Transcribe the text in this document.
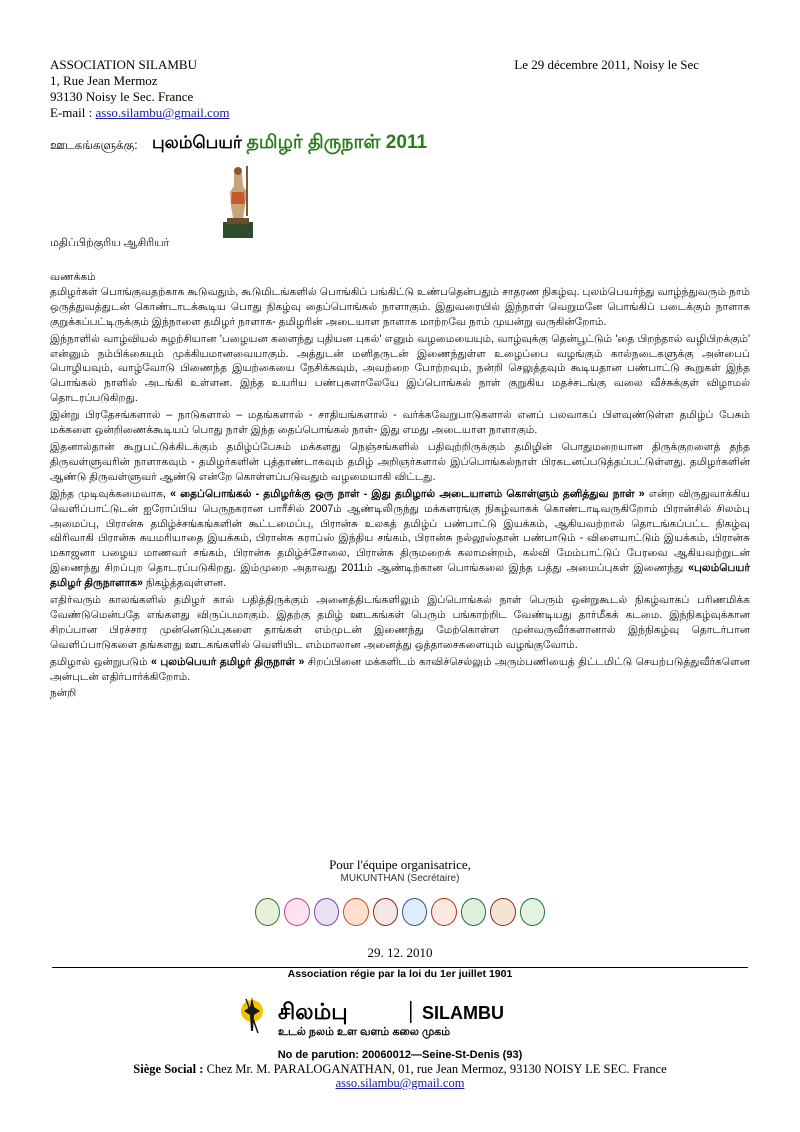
ASSOCIATION SILAMBU
1, Rue Jean Mermoz
93130 Noisy le Sec. France
E-mail : asso.silambu@gmail.com
Le 29 décembre 2011, Noisy le Sec
ஊடகங்களுக்கு: புலம்பெயர் தமிழர் திருநாள் 2011
மதிப்பிற்குரிய ஆசிரியர்

வணக்கம்

தமிழர்கள் பொங்குவதற்காக கூடுவதும், கூடுமிடங்களில் பொங்கிப் பங்கிட்டு உண்பதென்பதும் சாதரண நிகழ்வு. புலம்பெயர்ந்து வாழ்ந்துவரும் நாம் ஒருத்துவத்துடன் கொண்டாடக்கூடிய பொது நிகழ்வு தைப்பொங்கல் நாளாகும். இதுவரையில் இந்நாள் வெறுமனே பொங்கிப் படைக்கும் நாளாக குறுக்கப்பட்டிருக்கும் இந்நாளை தமிழர் நாளாக- தமிழரின் அடையாள நாளாக மாற்றவே நாம் முயன்று வருகின்றோம்.

இந்நாளில் வாழ்வியல் சுழற்சியான 'பழையன களைந்து புதியன புகல்' எனும் வழமையையும், வாழ்வுக்கு தென்பூட்டும் 'தை பிறந்தால் வழிபிறக்கும்' என்னும் நம்பிக்கையும் முக்கியமானவையாகும். அத்துடன் மனிதருடன் இணைந்துள்ள உழைப்பை வழங்கும் கால்நடைகளுக்கு அன்பைப் பொழியவும், வாழ்வோடு பிணைந்த இயற்கையை நேசிக்கவும், அவற்றை போற்றவும், நன்றி செலுத்தவும் கூடியதான பண்பாட்டு கூறுகள் இந்த பொங்கல் நாளில் அடங்கி உள்ளன. இந்த உயரிய பண்புகளாலேயே இப்பொங்கல் நாள் குறுகிய மதச்சடங்கு வலை வீச்சுக்குள் விழாமல் தொடரப்படுகிறது.

இன்று பிரதேசங்களால் – நாடுகளால் – மதங்களால் - சாதியங்களால் - வர்க்கவேறுபாடுகளால் எனப் பலவாகப் பிளவுண்டுள்ள தமிழ்ப் பேசும் மக்களை ஒன்றிணைக்கூடியப் பொது நாள் இந்த தைப்பொங்கல் நாள்- இது எமது அடையாள நாளாகும்.

இதனால்தான் கூறுபட்டுக்கிடக்கும் தமிழ்ப்பேசும் மக்களது நெஞ்சங்களில் பதிவுற்றிருக்கும் தமிழின் பொதுமறையான திருக்குறளைத் தந்த திருவள்ளுவரின் நாளாகவும் - தமிழர்களின் புத்தாண்டாகவும் தமிழ் அறிஞர்களால் இப்பொங்கல்நாள் பிரகடனப்படுத்தப்பட்டுள்ளது. தமிழர்களின் ஆண்டு திருவள்ளுவர் ஆண்டு என்றே கொள்ளப்படுவதும் வழமையாகி விட்டது.

இந்த முடிவுக்கமைவாக, « தைப்பொங்கல் - தமிழர்க்கு ஒரு நாள் - இது தமிழால் அடையாளம் கொள்ளும் தனித்துவ நாள் » என்ற விருதுவாக்கிய வெளிப்பாட்டுடன் ஐரோப்பிய பெருநகரான பாரீசில் 2007ம் ஆண்டிலிருந்து மக்களரங்கு நிகழ்வாகக் கொண்டாடிவருகிறோம் பிரான்சில் சிலம்பு அமைப்பு, பிரான்சு தமிழ்ச்சங்கங்களின் கூட்டமைப்பு, பிரான்சு உலகத் தமிழ்ப் பண்பாட்டு இயக்கம், ஆகியவற்றால் தொடங்கப்பட்ட நிகழ்வு விரிவாகி பிரான்சு சுயமரியாதை இயக்கம், பிரான்சு கராப்ஸ் இந்திய சங்கம், பிரான்சு நல்லூஸ்தான் பண்பாடும் - விளையாட்டும் இயக்கம், பிரான்சு மகாஜனா பழைய மாணவர் சங்கம், பிரான்சு தமிழ்ச்சோலை, பிரான்சு திருமறைக் கலாமன்றம், கல்வி மேம்பாட்டுப் பேரவை ஆகியவற்றுடன் இணைந்து சிறப்புற தொடரப்படுகிறது. இம்முறை அதாவது 2011ம் ஆண்டிற்கான பொங்கலை இந்த பத்து அமைப்புகள் இணைந்து «புலம்பெயர் தமிழர் திருநாளாக» நிகழ்த்தவுள்ளன.

எதிர்வரும் காலங்களில் தமிழர் கால் பதித்திருக்கும் அனைத்திடங்களிலும் இப்பொங்கல் நாள் பெரும் ஒன்றுகூடல் நிகழ்வாகப் பரிணமிக்க வேண்டுமென்பதே எங்களது விருப்பமாகும். இதற்கு தமிழ் ஊடகங்கள் பெரும் பங்காற்றிட வேண்டியது தார்மீகக் கடமை. இந்நிகழ்வுக்கான சிறப்பான பிரச்சார முன்னெடுப்புகளை தாங்கள் எம்முடன் இணைந்து மேற்கொள்ள முன்வருவீர்களானால் இந்நிகழ்வு தொடர்பான வெளிப்பாடுகளை தங்களது ஊடகங்களில் வெளியிட எம்மாலான அனைத்து ஒத்தாசைகளையும் வழங்குவோம்.

தமிழால் ஒன்றுபடும் « புலம்பெயர் தமிழர் திருநாள் » சிறப்பினை மக்களிடம் காவிச்செல்லும் அரும்பணியைத் திட்டமிட்டு செயற்படுத்துவீர்களென அன்புடன் எதிர்பார்க்கிறோம்.

நன்றி

Pour l'équipe organisatrice,
MUKUNTHAN (Secrétaire)
29. 12. 2010
Association régie par la loi du 1er juillet 1901
சிலம்பு	SILAMBU
உடல் நலம் உள வளம் கலை முகம்
No de parution: 20060012—Seine-St-Denis (93)
Siège Social : Chez Mr. M. PARALOGANATHAN, 01, rue Jean Mermoz, 93130 NOISY LE SEC. France
asso.silambu@gmail.com
